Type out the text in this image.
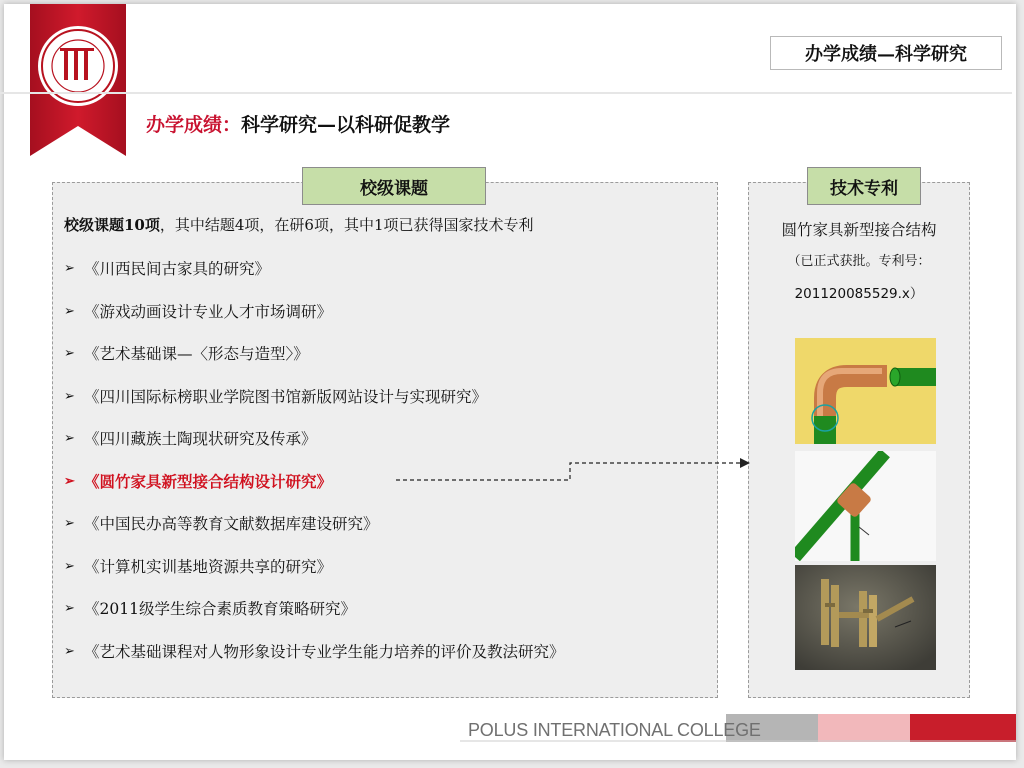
办学成绩—科学研究
办学成绩：科学研究—以科研促教学
校级课题
校级课题10项，其中结题4项，在研6项，其中1项已获得国家技术专利
➢ 《川西民间古家具的研究》
➢ 《游戏动画设计专业人才市场调研》
➢ 《艺术基础课—〈形态与造型〉》
➢ 《四川国际标榜职业学院图书馆新版网站设计与实现研究》
➢ 《四川藏族土陶现状研究及传承》
➢ 《圆竹家具新型接合结构设计研究》
➢ 《中国民办高等教育文献数据库建设研究》
➢ 《计算机实训基地资源共享的研究》
➢ 《2011级学生综合素质教育策略研究》
➢ 《艺术基础课程对人物形象设计专业学生能力培养的评价及教法研究》
技术专利
圆竹家具新型接合结构
（已正式获批。专利号：
201120085529.x）
POLUS INTERNATIONAL COLLEGE
